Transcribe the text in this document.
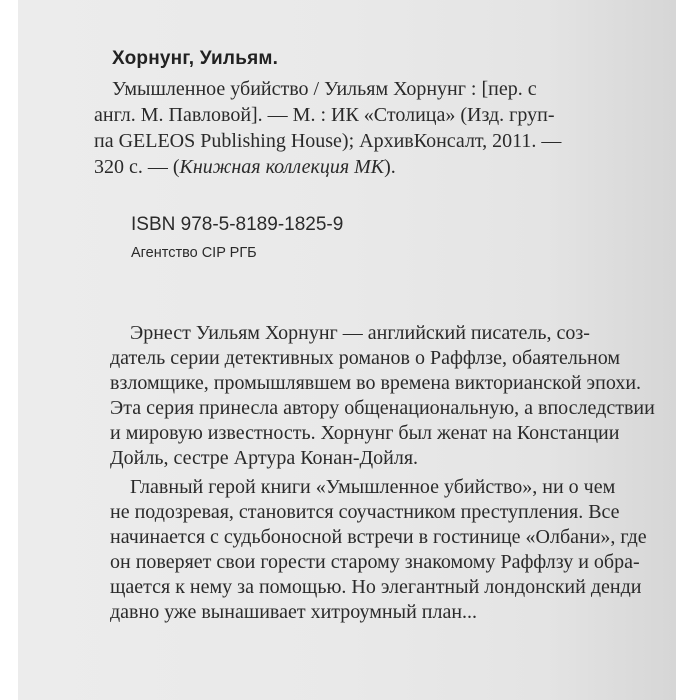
Хорнунг, Уильям.
Умышленное убийство / Уильям Хорнунг : [пер. с
англ. М. Павловой]. — М. : ИК «Столица» (Изд. груп-
па GELEOS Publishing House); АрхивКонсалт, 2011. —
320 с. — (Книжная коллекция МК).
ISBN 978-5-8189-1825-9
Агентство CIP РГБ
Эрнест Уильям Хорнунг — английский писатель, соз-
датель серии детективных романов о Раффлзе, обаятельном
взломщике, промышлявшем во времена викторианской эпохи.
Эта серия принесла автору общенациональную, а впоследствии
и мировую известность. Хорнунг был женат на Констанции
Дойль, сестре Артура Конан-Дойля.
Главный герой книги «Умышленное убийство», ни о чем
не подозревая, становится соучастником преступления. Все
начинается с судьбоносной встречи в гостинице «Олбани», где
он поверяет свои горести старому знакомому Раффлзу и обра-
щается к нему за помощью. Но элегантный лондонский денди
давно уже вынашивает хитроумный план...
